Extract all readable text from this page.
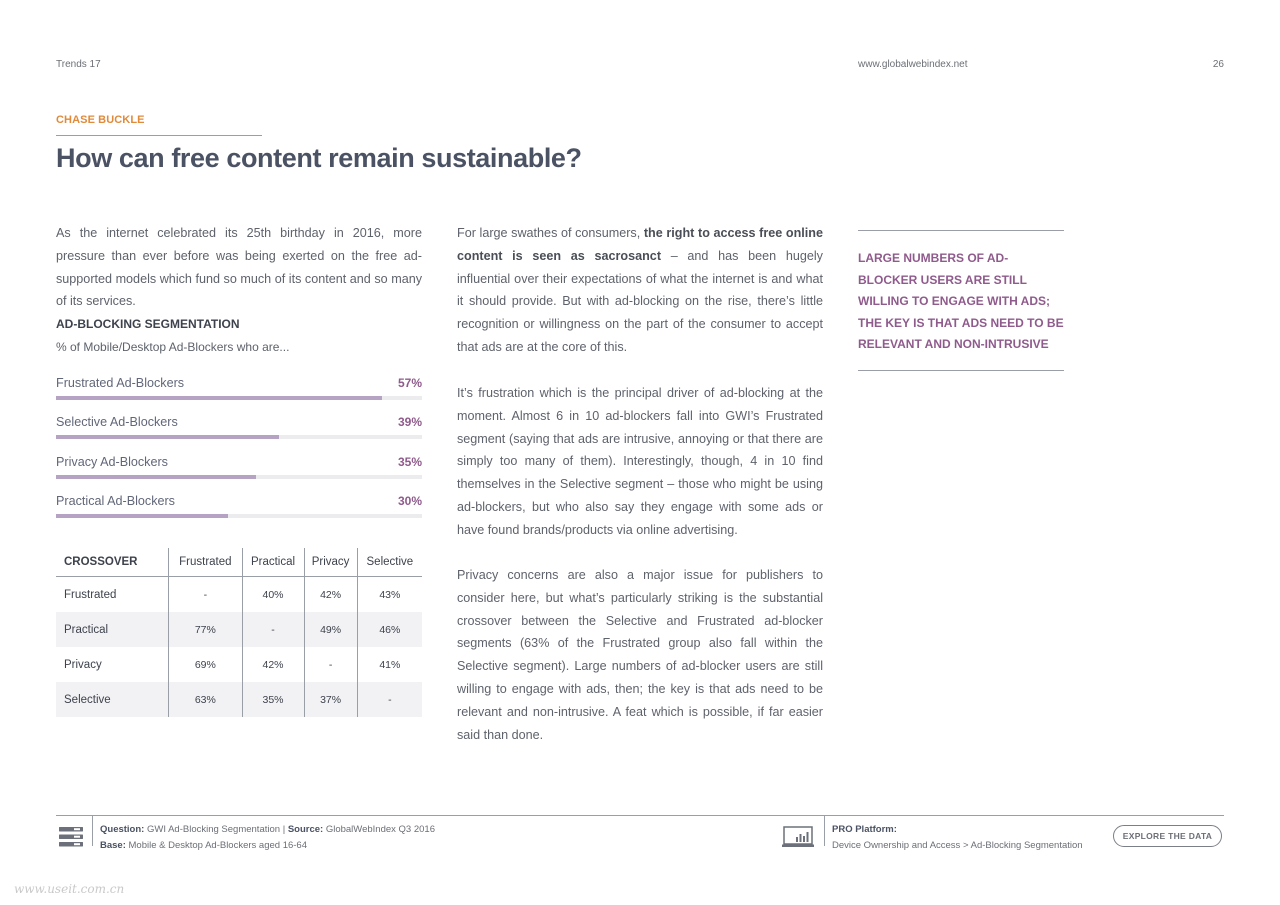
Trends 17	www.globalwebindex.net	26
CHASE BUCKLE
How can free content remain sustainable?
As the internet celebrated its 25th birthday in 2016, more pressure than ever before was being exerted on the free ad-supported models which fund so much of its content and so many of its services.
AD-BLOCKING SEGMENTATION
% of Mobile/Desktop Ad-Blockers who are...
Frustrated Ad-Blockers	57%
Selective Ad-Blockers	39%
Privacy Ad-Blockers	35%
Practical Ad-Blockers	30%
CROSSOVER	Frustrated	Practical	Privacy	Selective
Frustrated	-	40%	42%	43%
Practical	77%	-	49%	46%
Privacy	69%	42%	-	41%
Selective	63%	35%	37%	-
For large swathes of consumers, the right to access free online content is seen as sacrosanct – and has been hugely influential over their expectations of what the internet is and what it should provide. But with ad-blocking on the rise, there’s little recognition or willingness on the part of the consumer to accept that ads are at the core of this.
It’s frustration which is the principal driver of ad-blocking at the moment. Almost 6 in 10 ad-blockers fall into GWI’s Frustrated segment (saying that ads are intrusive, annoying or that there are simply too many of them). Interestingly, though, 4 in 10 find themselves in the Selective segment – those who might be using ad-blockers, but who also say they engage with some ads or have found brands/products via online advertising.
Privacy concerns are also a major issue for publishers to consider here, but what’s particularly striking is the substantial crossover between the Selective and Frustrated ad-blocker segments (63% of the Frustrated group also fall within the Selective segment). Large numbers of ad-blocker users are still willing to engage with ads, then; the key is that ads need to be relevant and non-intrusive. A feat which is possible, if far easier said than done.
LARGE NUMBERS OF AD-BLOCKER USERS ARE STILL WILLING TO ENGAGE WITH ADS; THE KEY IS THAT ADS NEED TO BE RELEVANT AND NON-INTRUSIVE
Question: GWI Ad-Blocking Segmentation | Source: GlobalWebIndex Q3 2016
Base: Mobile & Desktop Ad-Blockers aged 16-64
PRO Platform:
Device Ownership and Access > Ad-Blocking Segmentation
EXPLORE THE DATA
www.useit.com.cn
